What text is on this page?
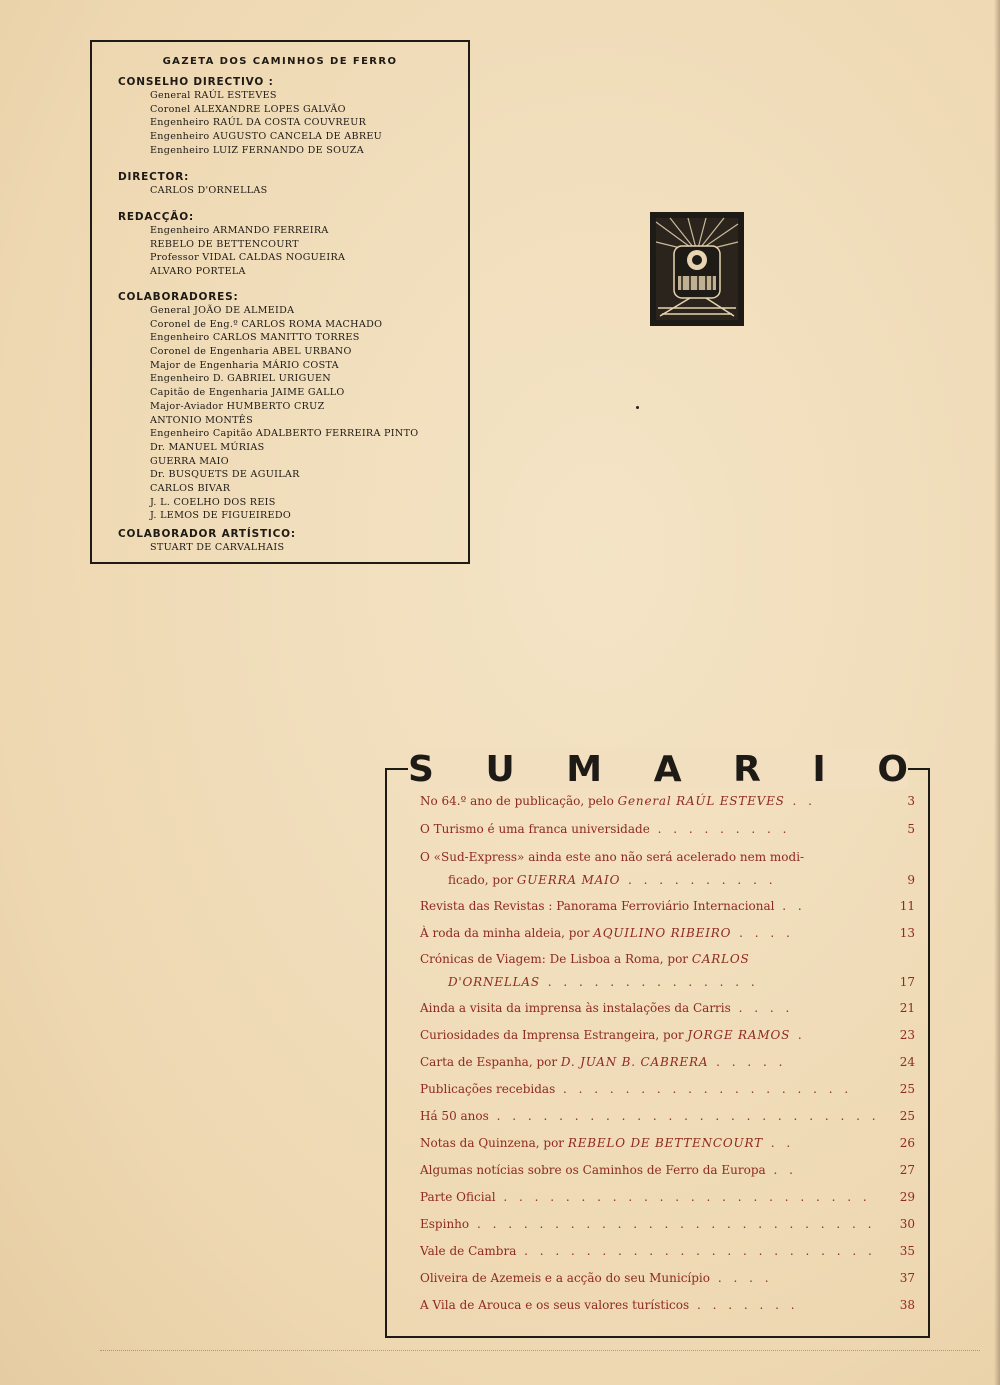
GAZETA DOS CAMINHOS DE FERRO
CONSELHO DIRECTIVO :
General RAÚL ESTEVES
Coronel ALEXANDRE LOPES GALVÃO
Engenheiro RAÚL DA COSTA COUVREUR
Engenheiro AUGUSTO CANCELA DE ABREU
Engenheiro LUIZ FERNANDO DE SOUZA
DIRECTOR:
CARLOS D'ORNELLAS
REDACÇÃO:
Engenheiro ARMANDO FERREIRA
REBELO DE BETTENCOURT
Professor VIDAL CALDAS NOGUEIRA
ALVARO PORTELA
COLABORADORES:
General JOÃO DE ALMEIDA
Coronel de Eng.º CARLOS ROMA MACHADO
Engenheiro CARLOS MANITTO TORRES
Coronel de Engenharia ABEL URBANO
Major de Engenharia MÁRIO COSTA
Engenheiro D. GABRIEL URIGUEN
Capitão de Engenharia JAIME GALLO
Major-Aviador HUMBERTO CRUZ
ANTONIO MONTÊS
Engenheiro Capitão ADALBERTO FERREIRA PINTO
Dr. MANUEL MÚRIAS
GUERRA MAIO
Dr. BUSQUETS DE AGUILAR
CARLOS BIVAR
J. L. COELHO DOS REIS
J. LEMOS DE FIGUEIREDO
COLABORADOR ARTÍSTICO:
STUART DE CARVALHAIS
S U M A R I O
No 64.º ano de publicação, pelo General RAÚL ESTEVES . .	3
O Turismo é uma franca universidade . . . . . . . . .	5
O «Sud-Express» ainda este ano não será acelerado nem modi-
ficado, por GUERRA MAIO . . . . . . . . . .	9
Revista das Revistas : Panorama Ferroviário Internacional . .	11
À roda da minha aldeia, por AQUILINO RIBEIRO . . . .	13
Crónicas de Viagem: De Lisboa a Roma, por CARLOS
D'ORNELLAS . . . . . . . . . . . . . .	17
Ainda a visita da imprensa às instalações da Carris . . . .	21
Curiosidades da Imprensa Estrangeira, por JORGE RAMOS .	23
Carta de Espanha, por D. JUAN B. CABRERA . . . . .	24
Publicações recebidas . . . . . . . . . . . . . . . . . . .	25
Há 50 anos . . . . . . . . . . . . . . . . . . . . . . . . . 25
Notas da Quinzena, por REBELO DE BETTENCOURT . .	26
Algumas notícias sobre os Caminhos de Ferro da Europa . .	27
Parte Oficial . . . . . . . . . . . . . . . . . . . . . . . . 29
Espinho . . . . . . . . . . . . . . . . . . . . . . . . . . 30
Vale de Cambra . . . . . . . . . . . . . . . . . . . . . . . 35
Oliveira de Azemeis e a acção do seu Município . . . .	37
A Vila de Arouca e os seus valores turísticos . . . . . . .	38
